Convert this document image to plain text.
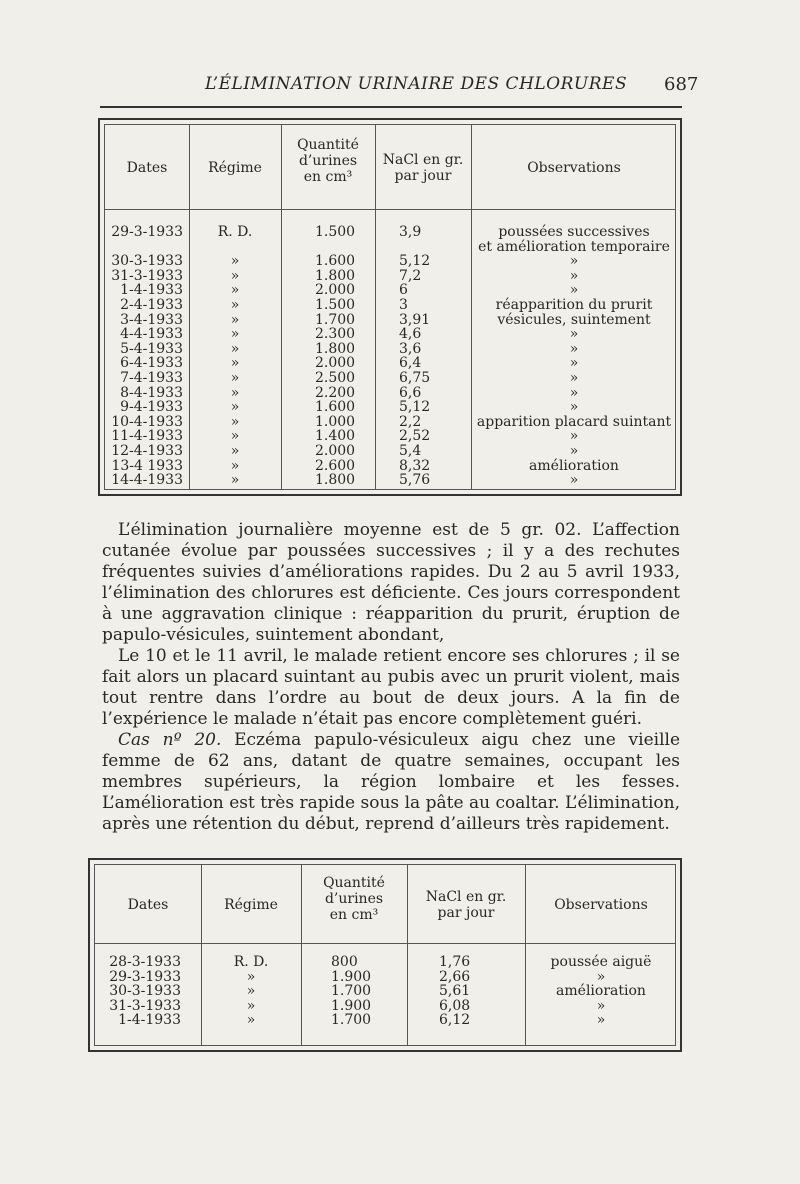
L’ÉLIMINATION URINAIRE DES CHLORURES 687
Dates	Régime
Quantité
d’urines
en cm³
NaCl en gr.
par jour	Observations
29-3-1933	R. D.	1.500	3,9	poussées successives
et amélioration temporaire
30-3-1933	»	1.600	5,12	»
31-3-1933	»	1.800	7,2	»
1-4-1933	»	2.000	6	»
2-4-1933	»	1.500	3	réapparition du prurit
3-4-1933	»	1.700	3,91	vésicules, suintement
4-4-1933	»	2.300	4,6	»
5-4-1933	»	1.800	3,6	»
6-4-1933	»	2.000	6,4	»
7-4-1933	»	2.500	6,75	»
8-4-1933	»	2.200	6,6	»
9-4-1933	»	1.600	5,12	»
10-4-1933	»	1.000	2,2	apparition placard suintant
11-4-1933	»	1.400	2,52	»
12-4-1933	»	2.000	5,4	»
13-4 1933	»	2.600	8,32	amélioration
14-4-1933	»	1.800	5,76	»

L’élimination journalière moyenne est de 5 gr. 02. L’affection cutanée évolue par poussées successives ; il y a des rechutes fréquentes suivies d’améliorations rapides. Du 2 au 5 avril 1933, l’élimination des chlorures est déficiente. Ces jours correspondent à une aggravation clinique : réapparition du prurit, éruption de papulo-vésicules, suintement abondant,

Le 10 et le 11 avril, le malade retient encore ses chlorures ; il se fait alors un placard suintant au pubis avec un prurit violent, mais tout rentre dans l’ordre au bout de deux jours. A la fin de l’expérience le malade n’était pas encore complètement guéri.

Cas nº 20. Eczéma papulo-vésiculeux aigu chez une vieille femme de 62 ans, datant de quatre semaines, occupant les membres supérieurs, la région lombaire et les fesses. L’amélioration est très rapide sous la pâte au coaltar. L’élimination, après une rétention du début, reprend d’ailleurs très rapidement.

Dates	Régime
Quantité
d’urines
en cm³
NaCl en gr.
par jour	Observations
28-3-1933	R. D.	800	1,76	poussée aiguë
29-3-1933	»	1.900	2,66	»
30-3-1933	»	1.700	5,61	amélioration
31-3-1933	»	1.900	6,08	»
1-4-1933	»	1.700	6,12	»
